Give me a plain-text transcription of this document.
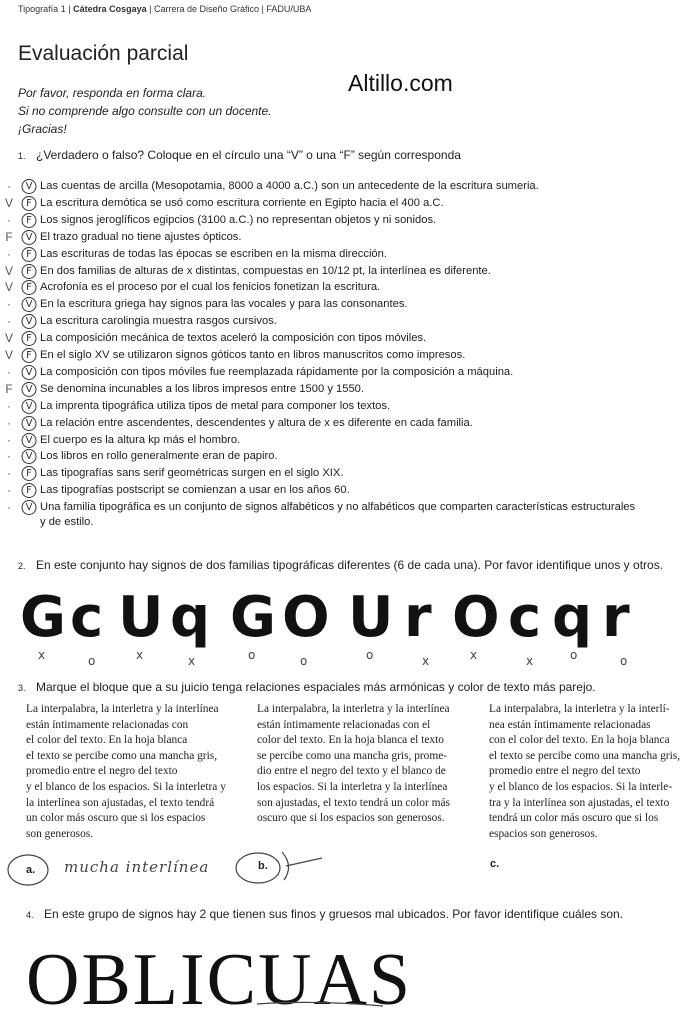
Tipografía 1 | Cátedra Cosgaya | Carrera de Diseño Gráfico | FADU/UBA
Evaluación parcial
Altillo.com
Por favor, responda en forma clara.
Si no comprende algo consulte con un docente.
¡Gracias!
1. ¿Verdadero o falso? Coloque en el círculo una “V” o una “F” según corresponda
·	V Las cuentas de arcilla (Mesopotamia, 8000 a 4000 a.C.) son un antecedente de la escritura sumeria.
V	F La escritura demótica se usó como escritura corriente en Egipto hacia el 400 a.C.
·	F Los signos jeroglíficos egipcios (3100 a.C.) no representan objetos y ni sonidos.
F	V El trazo gradual no tiene ajustes ópticos.
·	F Las escrituras de todas las épocas se escriben en la misma dirección.
V	F En dos familias de alturas de x distintas, compuestas en 10/12 pt, la interlínea es diferente.
V	F Acrofonía es el proceso por el cual los fenicios fonetizan la escritura.
·	V En la escritura griega hay signos para las vocales y para las consonantes.
·	V La escritura carolingia muestra rasgos cursivos.
V	F La composición mecánica de textos aceleró la composición con tipos móviles.
V	F En el siglo XV se utilizaron signos góticos tanto en libros manuscritos como impresos.
·	V La composición con tipos móviles fue reemplazada rápidamente por la composición a máquina.
F	V Se denomina incunables a los libros impresos entre 1500 y 1550.
·	V La imprenta tipográfica utiliza tipos de metal para componer los textos.
·	V La relación entre ascendentes, descendentes y altura de x es diferente en cada familia.
·	V El cuerpo es la altura kp más el hombro.
·	V Los libros en rollo generalmente eran de papiro.
·	F Las tipografías sans serif geométricas surgen en el siglo XIX.
·	F Las tipografías postscript se comienzan a usar en los años 60.
·	V Una familia tipográfica es un conjunto de signos alfabéticos y no alfabéticos que comparten características estructurales
y de estilo.
2. En este conjunto hay signos de dos familias tipográficas diferentes (6 de cada una). Por favor identifique unos y otros.
G
x
c
o
U
x
q
x
G
o
O
o
U
o
r
x
O
x
c
x
q
o
r
o
3. Marque el bloque que a su juicio tenga relaciones espaciales más armónicas y color de texto más parejo.
La interpalabra, la interletra y la interlínea
están íntimamente relacionadas con
el color del texto. En la hoja blanca
el texto se percibe como una mancha gris,
promedio entre el negro del texto
y el blanco de los espacios. Si la interletra y
la interlínea son ajustadas, el texto tendrá
un color más oscuro que si los espacios
son generosos.
La interpalabra, la interletra y la interlínea
están íntimamente relacionadas con el
color del texto. En la hoja blanca el texto
se percibe como una mancha gris, prome-
dio entre el negro del texto y el blanco de
los espacios. Si la interletra y la interlínea
son ajustadas, el texto tendrá un color más
oscuro que si los espacios son generosos.
La interpalabra, la interletra y la interlí-
nea están íntimamente relacionadas
con el color del texto. En la hoja blanca
el texto se percibe como una mancha gris,
promedio entre el negro del texto
y el blanco de los espacios. Si la interle-
tra y la interlínea son ajustadas, el texto
tendrá un color más oscuro que si los
espacios son generosos.
a.	b.	c.
mucha interlínea
4. En este grupo de signos hay 2 que tienen sus finos y gruesos mal ubicados. Por favor identifique cuáles son.
OBLICUAS
